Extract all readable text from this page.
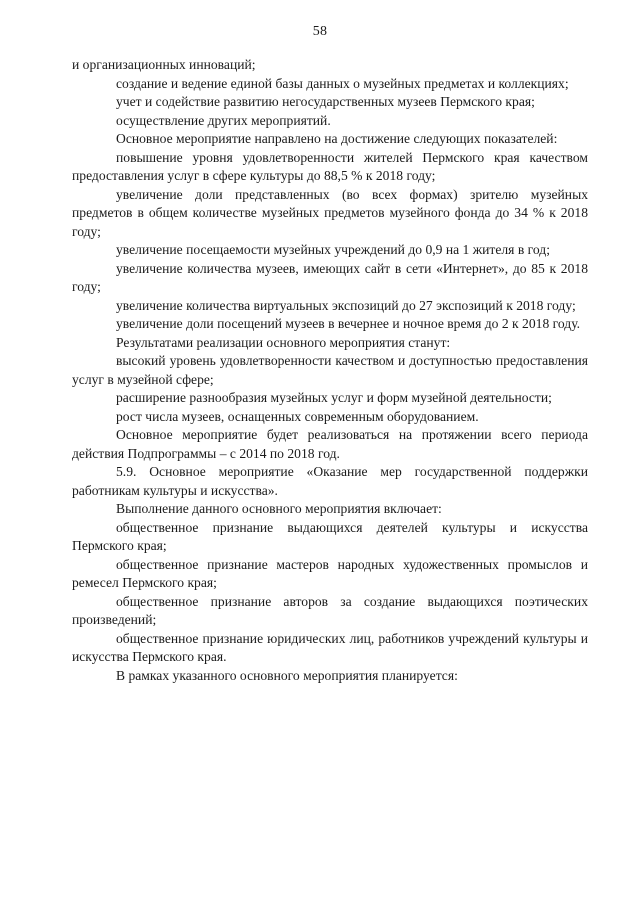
58

и организационных инноваций;

создание и ведение единой базы данных о музейных предметах и коллекциях;

учет и содействие развитию негосударственных музеев Пермского края;

осуществление других мероприятий.

Основное мероприятие направлено на достижение следующих показателей:

повышение уровня удовлетворенности жителей Пермского края качеством предоставления услуг в сфере культуры до 88,5 % к 2018 году;

увеличение доли представленных (во всех формах) зрителю музейных предметов в общем количестве музейных предметов музейного фонда до 34 % к 2018 году;

увеличение посещаемости музейных учреждений до 0,9 на 1 жителя в год;

увеличение количества музеев, имеющих сайт в сети «Интернет», до 85 к 2018 году;

увеличение количества виртуальных экспозиций до 27 экспозиций к 2018 году;

увеличение доли посещений музеев в вечернее и ночное время до 2 к 2018 году.

Результатами реализации основного мероприятия станут:

высокий уровень удовлетворенности качеством и доступностью предоставления услуг в музейной сфере;

расширение разнообразия музейных услуг и форм музейной деятельности;

рост числа музеев, оснащенных современным оборудованием.

Основное мероприятие будет реализоваться на протяжении всего периода действия Подпрограммы – с 2014 по 2018 год.

5.9. Основное мероприятие «Оказание мер государственной поддержки работникам культуры и искусства».

Выполнение данного основного мероприятия включает:

общественное признание выдающихся деятелей культуры и искусства Пермского края;

общественное признание мастеров народных художественных промыслов и ремесел Пермского края;

общественное признание авторов за создание выдающихся поэтических произведений;

общественное признание юридических лиц, работников учреждений культуры и искусства Пермского края.

В рамках указанного основного мероприятия планируется:
